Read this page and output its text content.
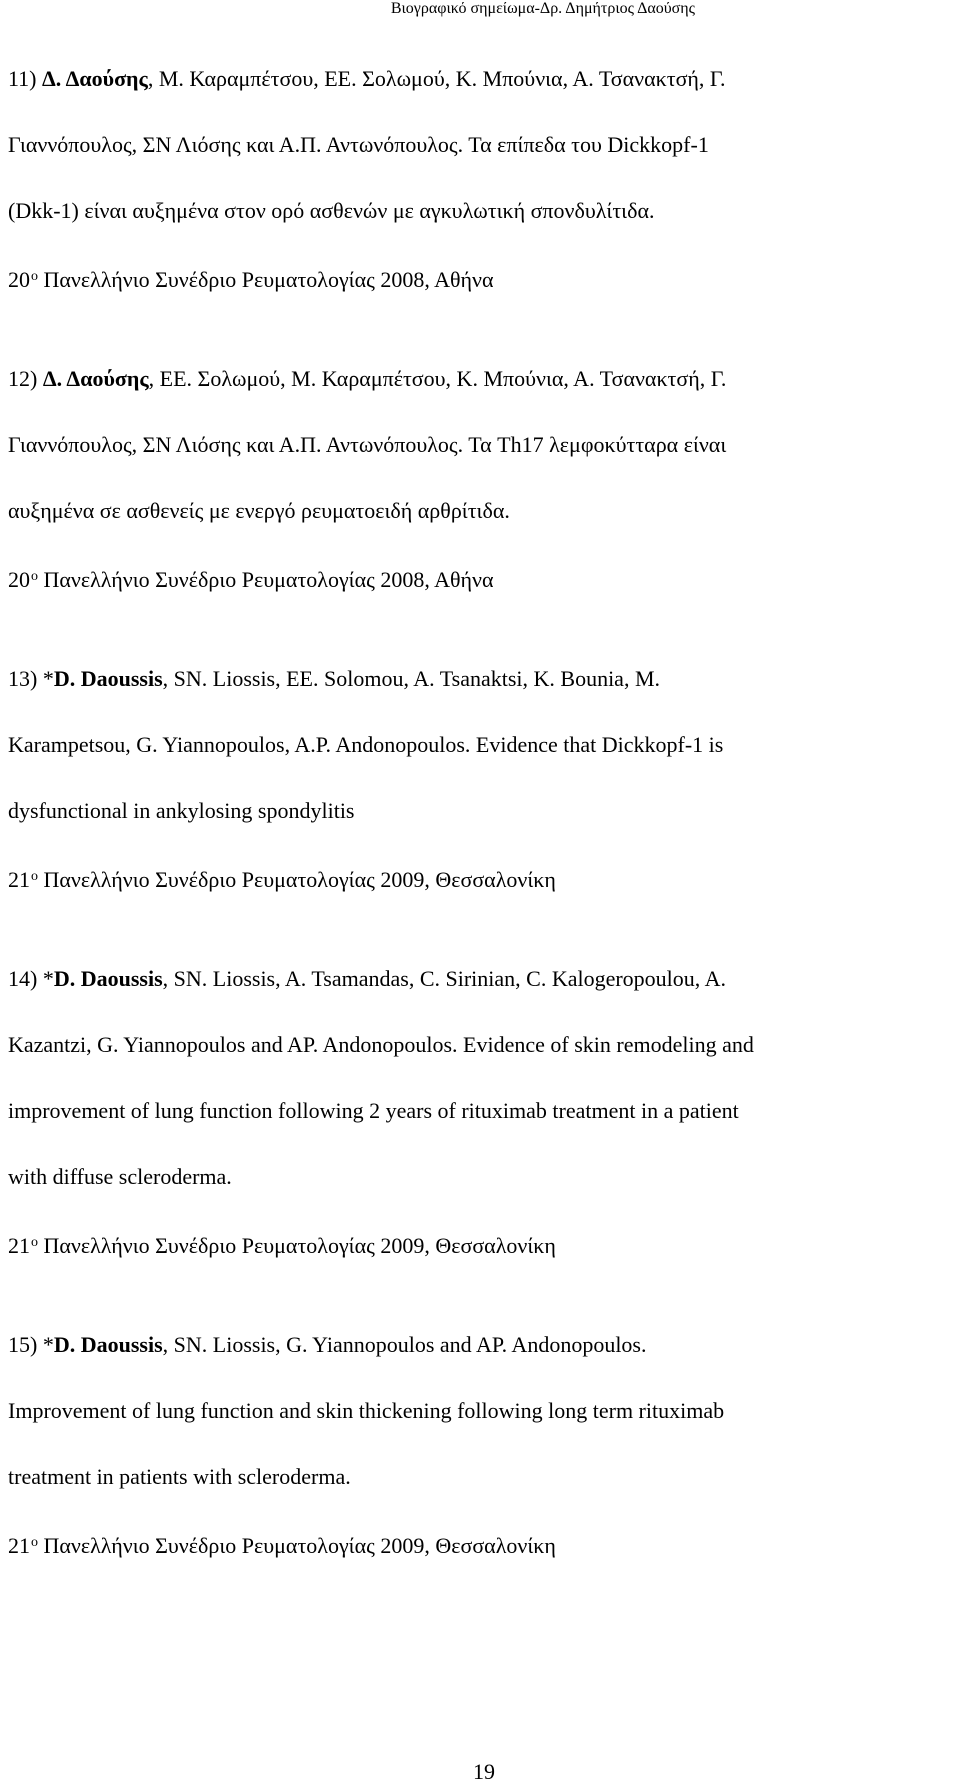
Βιογραφικό σημείωμα-Δρ. Δημήτριος Δαούσης
11) Δ. Δαούσης, Μ. Καραμπέτσου, ΕΕ. Σολωμού, Κ. Μπούνια, Α. Τσανακτσή, Γ.
Γιαννόπουλος, ΣΝ Λιόσης και Α.Π. Αντωνόπουλος. Τα επίπεδα του Dickkopf-1
(Dkk-1) είναι αυξημένα στον ορό ασθενών με αγκυλωτική σπονδυλίτιδα.
$20^o$ Πανελλήνιο Συνέδριο Ρευματολογίας 2008, Αθήνα
12) Δ. Δαούσης, ΕΕ. Σολωμού, Μ. Καραμπέτσου, Κ. Μπούνια, Α. Τσανακτσή, Γ.
Γιαννόπουλος, ΣΝ Λιόσης και Α.Π. Αντωνόπουλος. Τα Th17 λεμφοκύτταρα είναι
αυξημένα σε ασθενείς με ενεργό ρευματοειδή αρθρίτιδα.
$20^o$ Πανελλήνιο Συνέδριο Ρευματολογίας 2008, Αθήνα
13) *D. Daoussis, SN. Liossis, EE. Solomou, A. Tsanaktsi, K. Bounia, M.
Karampetsou, G. Yiannopoulos, A.P. Andonopoulos. Evidence that Dickkopf-1 is
dysfunctional in ankylosing spondylitis
$21^o$ Πανελλήνιο Συνέδριο Ρευματολογίας 2009, Θεσσαλονίκη
14) *D. Daoussis, SN. Liossis, A. Tsamandas, C. Sirinian, C. Kalogeropoulou, A.
Kazantzi, G. Yiannopoulos and AP. Andonopoulos. Evidence of skin remodeling and
improvement of lung function following 2 years of rituximab treatment in a patient
with diffuse scleroderma.
$21^o$ Πανελλήνιο Συνέδριο Ρευματολογίας 2009, Θεσσαλονίκη
15) *D. Daoussis, SN. Liossis, G. Yiannopoulos and AP. Andonopoulos.
Improvement of lung function and skin thickening following long term rituximab
treatment in patients with scleroderma.
$21^o$ Πανελλήνιο Συνέδριο Ρευματολογίας 2009, Θεσσαλονίκη
19
